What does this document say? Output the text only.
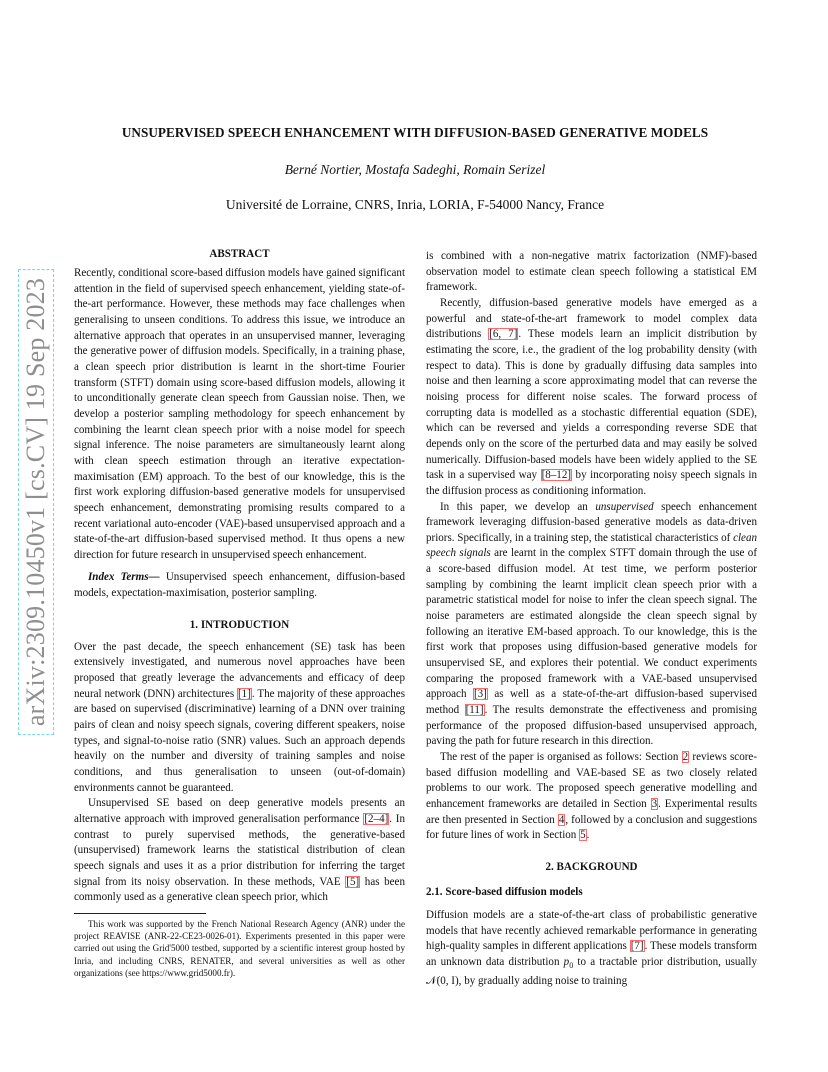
arXiv:2309.10450v1 [cs.CV] 19 Sep 2023
UNSUPERVISED SPEECH ENHANCEMENT WITH DIFFUSION-BASED GENERATIVE MODELS
Berné Nortier, Mostafa Sadeghi, Romain Serizel
Université de Lorraine, CNRS, Inria, LORIA, F-54000 Nancy, France

ABSTRACT

Recently, conditional score-based diffusion models have gained significant attention in the field of supervised speech enhancement, yielding state-of-the-art performance. However, these methods may face challenges when generalising to unseen conditions. To address this issue, we introduce an alternative approach that operates in an unsupervised manner, leveraging the generative power of diffusion models. Specifically, in a training phase, a clean speech prior distribution is learnt in the short-time Fourier transform (STFT) domain using score-based diffusion models, allowing it to unconditionally generate clean speech from Gaussian noise. Then, we develop a posterior sampling methodology for speech enhancement by combining the learnt clean speech prior with a noise model for speech signal inference. The noise parameters are simultaneously learnt along with clean speech estimation through an iterative expectation-maximisation (EM) approach. To the best of our knowledge, this is the first work exploring diffusion-based generative models for unsupervised speech enhancement, demonstrating promising results compared to a recent variational auto-encoder (VAE)-based unsupervised approach and a state-of-the-art diffusion-based supervised method. It thus opens a new direction for future research in unsupervised speech enhancement.

Index Terms— Unsupervised speech enhancement, diffusion-based models, expectation-maximisation, posterior sampling.

1. INTRODUCTION

Over the past decade, the speech enhancement (SE) task has been extensively investigated, and numerous novel approaches have been proposed that greatly leverage the advancements and efficacy of deep neural network (DNN) architectures [1]. The majority of these approaches are based on supervised (discriminative) learning of a DNN over training pairs of clean and noisy speech signals, covering different speakers, noise types, and signal-to-noise ratio (SNR) values. Such an approach depends heavily on the number and diversity of training samples and noise conditions, and thus generalisation to unseen (out-of-domain) environments cannot be guaranteed.

Unsupervised SE based on deep generative models presents an alternative approach with improved generalisation performance [2–4]. In contrast to purely supervised methods, the generative-based (unsupervised) framework learns the statistical distribution of clean speech signals and uses it as a prior distribution for inferring the target signal from its noisy observation. In these methods, VAE [5] has been commonly used as a generative clean speech prior, which

This work was supported by the French National Research Agency (ANR) under the project REAVISE (ANR-22-CE23-0026-01). Experiments presented in this paper were carried out using the Grid'5000 testbed, supported by a scientific interest group hosted by Inria, and including CNRS, RENATER, and several universities as well as other organizations (see https://www.grid5000.fr).

is combined with a non-negative matrix factorization (NMF)-based observation model to estimate clean speech following a statistical EM framework.

Recently, diffusion-based generative models have emerged as a powerful and state-of-the-art framework to model complex data distributions [6, 7]. These models learn an implicit distribution by estimating the score, i.e., the gradient of the log probability density (with respect to data). This is done by gradually diffusing data samples into noise and then learning a score approximating model that can reverse the noising process for different noise scales. The forward process of corrupting data is modelled as a stochastic differential equation (SDE), which can be reversed and yields a corresponding reverse SDE that depends only on the score of the perturbed data and may easily be solved numerically. Diffusion-based models have been widely applied to the SE task in a supervised way [8–12] by incorporating noisy speech signals in the diffusion process as conditioning information.

In this paper, we develop an unsupervised speech enhancement framework leveraging diffusion-based generative models as data-driven priors. Specifically, in a training step, the statistical characteristics of clean speech signals are learnt in the complex STFT domain through the use of a score-based diffusion model. At test time, we perform posterior sampling by combining the learnt implicit clean speech prior with a parametric statistical model for noise to infer the clean speech signal. The noise parameters are estimated alongside the clean speech signal by following an iterative EM-based approach. To our knowledge, this is the first work that proposes using diffusion-based generative models for unsupervised SE, and explores their potential. We conduct experiments comparing the proposed framework with a VAE-based unsupervised approach [3] as well as a state-of-the-art diffusion-based supervised method [11]. The results demonstrate the effectiveness and promising performance of the proposed diffusion-based unsupervised approach, paving the path for future research in this direction.

The rest of the paper is organised as follows: Section 2 reviews score-based diffusion modelling and VAE-based SE as two closely related problems to our work. The proposed speech generative modelling and enhancement frameworks are detailed in Section 3. Experimental results are then presented in Section 4, followed by a conclusion and suggestions for future lines of work in Section 5.

2. BACKGROUND

2.1. Score-based diffusion models

Diffusion models are a state-of-the-art class of probabilistic generative models that have recently achieved remarkable performance in generating high-quality samples in different applications [7]. These models transform an unknown data distribution $p_0$ to a tractable prior distribution, usually 𝒩(0, I), by gradually adding noise to training
